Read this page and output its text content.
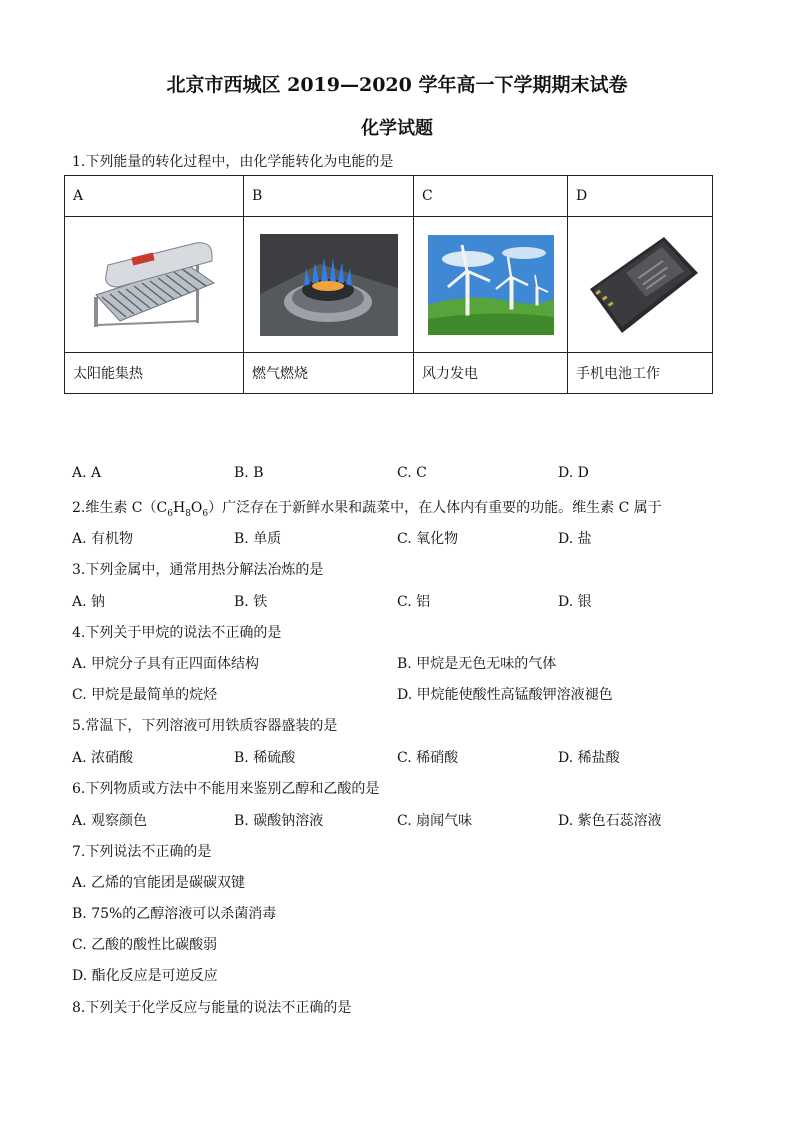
北京市西城区 2019—2020 学年高一下学期期末试卷
化学试题
1.下列能量的转化过程中，由化学能转化为电能的是
A	B	C	D

太阳能集热	燃气燃烧	风力发电	手机电池工作
A. A	B. B	C. C	D. D
2.维生素 $C(C_6H_8O_6)$广泛存在于新鲜水果和蔬菜中，在人体内有重要的功能。维生素 C 属于
A. 有机物	B. 单质	C. 氧化物	D. 盐
3.下列金属中，通常用热分解法冶炼的是
A. 钠	B. 铁	C. 铝	D. 银
4.下列关于甲烷的说法不正确的是
A. 甲烷分子具有正四面体结构	B. 甲烷是无色无味的气体
C. 甲烷是最简单的烷烃	D. 甲烷能使酸性高锰酸钾溶液褪色
5.常温下，下列溶液可用铁质容器盛装的是
A. 浓硝酸	B. 稀硫酸	C. 稀硝酸	D. 稀盐酸
6.下列物质或方法中不能用来鉴别乙醇和乙酸的是
A. 观察颜色	B. 碳酸钠溶液	C. 扇闻气味	D. 紫色石蕊溶液
7.下列说法不正确的是
A. 乙烯的官能团是碳碳双键
B. 75%的乙醇溶液可以杀菌消毒
C. 乙酸的酸性比碳酸弱
D. 酯化反应是可逆反应
8.下列关于化学反应与能量的说法不正确的是
